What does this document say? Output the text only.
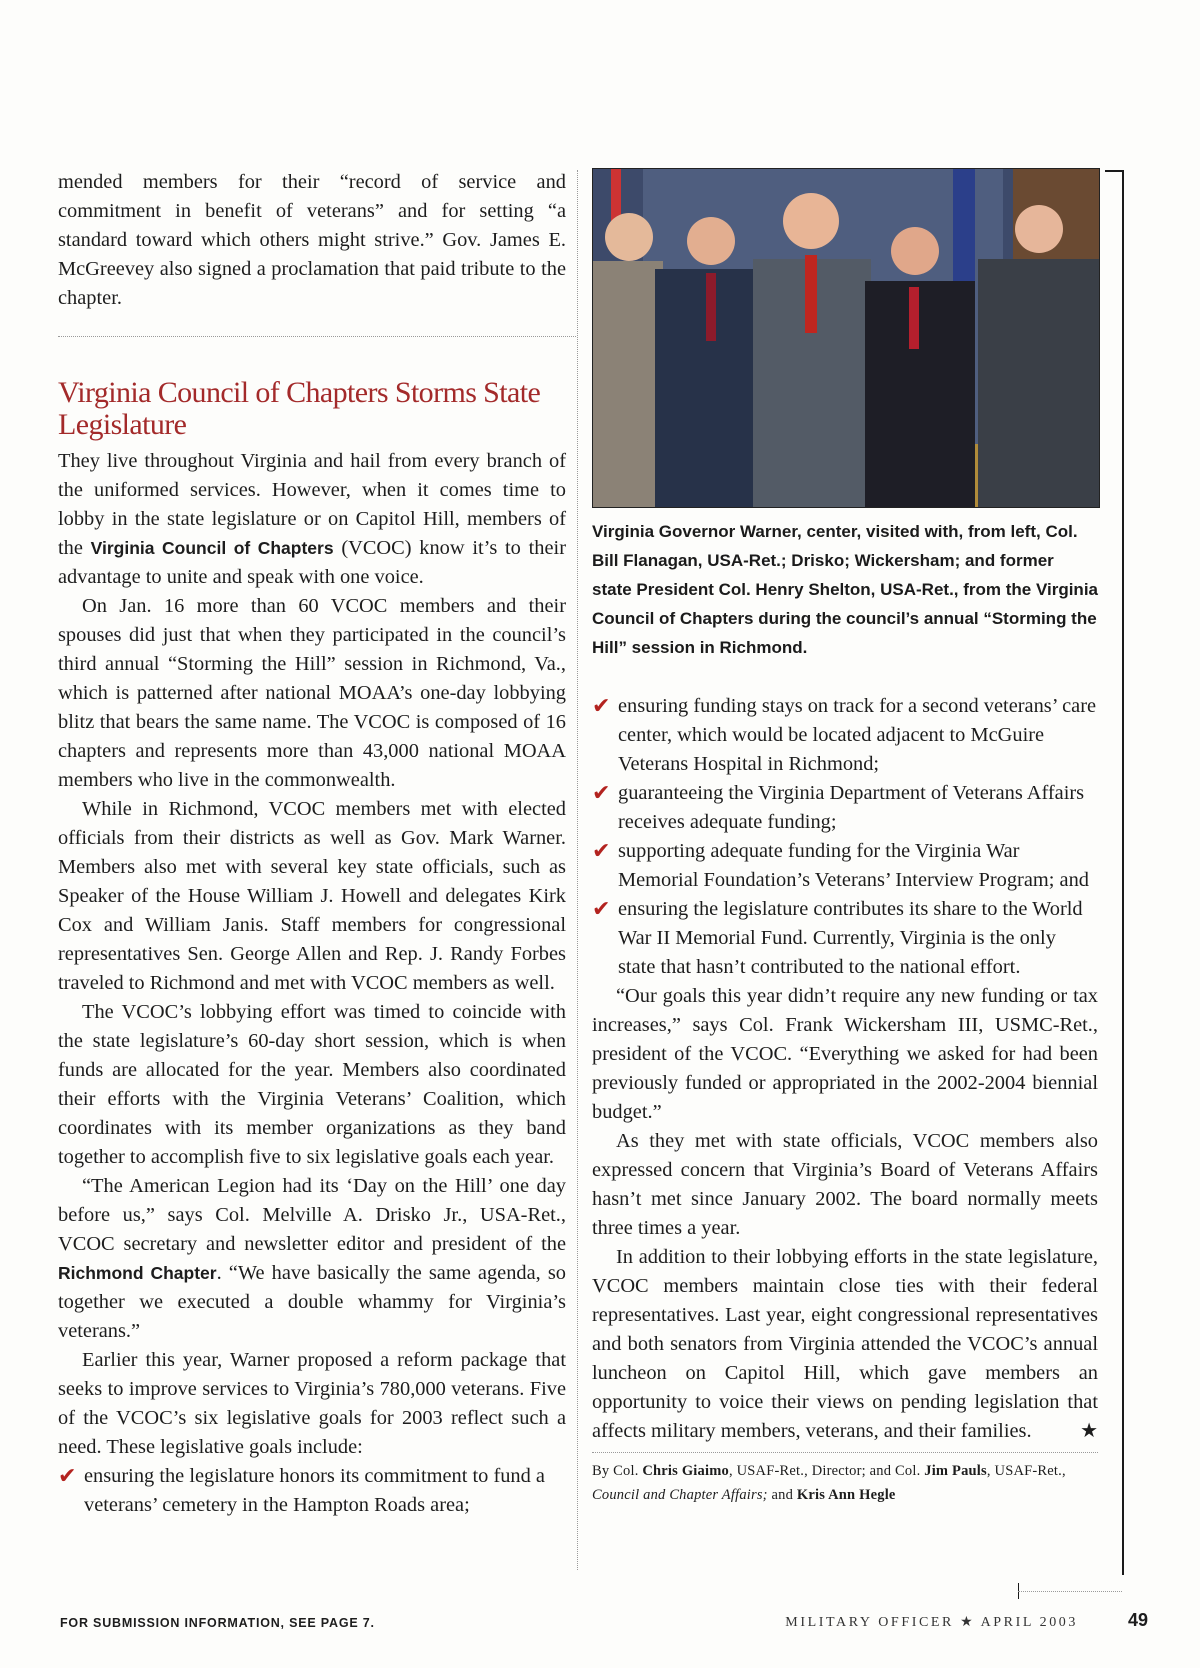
mended members for their “record of service and commitment in benefit of veterans” and for setting “a standard toward which others might strive.” Gov. James E. McGreevey also signed a proclamation that paid tribute to the chapter.

Virginia Council of Chapters Storms State Legislature

They live throughout Virginia and hail from every branch of the uniformed services. However, when it comes time to lobby in the state legislature or on Capitol Hill, members of the Virginia Council of Chapters (VCOC) know it’s to their advantage to unite and speak with one voice.

On Jan. 16 more than 60 VCOC members and their spouses did just that when they participated in the council’s third annual “Storming the Hill” session in Richmond, Va., which is patterned after national MOAA’s one-day lobbying blitz that bears the same name. The VCOC is composed of 16 chapters and represents more than 43,000 national MOAA members who live in the commonwealth.

While in Richmond, VCOC members met with elected officials from their districts as well as Gov. Mark Warner. Members also met with several key state officials, such as Speaker of the House William J. Howell and delegates Kirk Cox and William Janis. Staff members for congressional representatives Sen. George Allen and Rep. J. Randy Forbes traveled to Richmond and met with VCOC members as well.

The VCOC’s lobbying effort was timed to coincide with the state legislature’s 60-day short session, which is when funds are allocated for the year. Members also coordinated their efforts with the Virginia Veterans’ Coalition, which coordinates with its member organizations as they band together to accomplish five to six legislative goals each year.

“The American Legion had its ‘Day on the Hill’ one day before us,” says Col. Melville A. Drisko Jr., USA-Ret., VCOC secretary and newsletter editor and president of the Richmond Chapter. “We have basically the same agenda, so together we executed a double whammy for Virginia’s veterans.”

Earlier this year, Warner proposed a reform package that seeks to improve services to Virginia’s 780,000 veterans. Five of the VCOC’s six legislative goals for 2003 reflect such a need. These legislative goals include:

✔ ensuring the legislature honors its commitment to fund a veterans’ cemetery in the Hampton Roads area;
Virginia Governor Warner, center, visited with, from left, Col. Bill Flanagan, USA-Ret.; Drisko; Wickersham; and former state President Col. Henry Shelton, USA-Ret., from the Virginia Council of Chapters during the council’s annual “Storming the Hill” session in Richmond.
✔ ensuring funding stays on track for a second veterans’ care center, which would be located adjacent to McGuire Veterans Hospital in Richmond;
✔ guaranteeing the Virginia Department of Veterans Affairs receives adequate funding;
✔ supporting adequate funding for the Virginia War Memorial Foundation’s Veterans’ Interview Program; and
✔ ensuring the legislature contributes its share to the World War II Memorial Fund. Currently, Virginia is the only state that hasn’t contributed to the national effort.

“Our goals this year didn’t require any new funding or tax increases,” says Col. Frank Wickersham III, USMC-Ret., president of the VCOC. “Everything we asked for had been previously funded or appropriated in the 2002-2004 biennial budget.”

As they met with state officials, VCOC members also expressed concern that Virginia’s Board of Veterans Affairs hasn’t met since January 2002. The board normally meets three times a year.

In addition to their lobbying efforts in the state legislature, VCOC members maintain close ties with their federal representatives. Last year, eight congressional representatives and both senators from Virginia attended the VCOC’s annual luncheon on Capitol Hill, which gave members an opportunity to voice their views on pending legislation that affects military members, veterans, and their families.	★

By Col. Chris Giaimo, USAF-Ret., Director; and Col. Jim Pauls, USAF-Ret., Council and Chapter Affairs; and Kris Ann Hegle
FOR SUBMISSION INFORMATION, SEE PAGE 7.	MILITARY OFFICER ★ APRIL 2003	49
